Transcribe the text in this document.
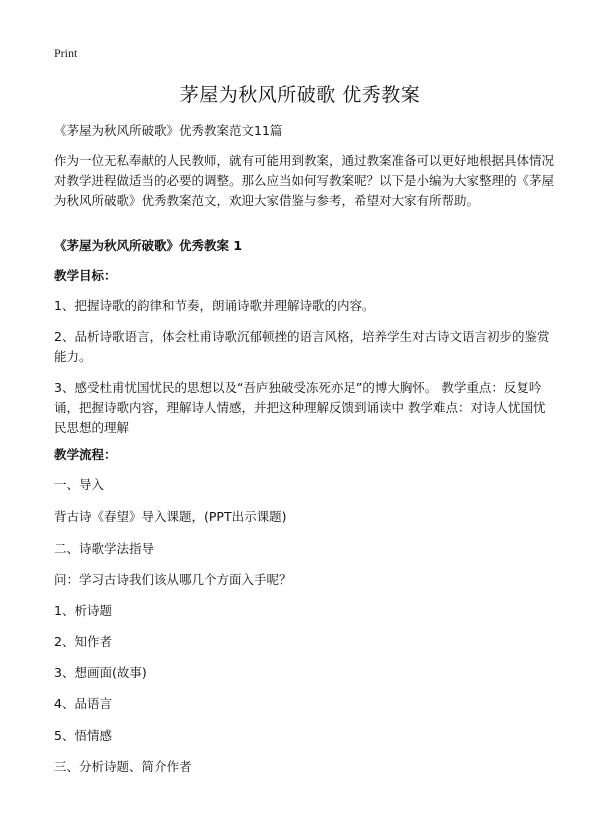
Print
茅屋为秋风所破歌 优秀教案
《茅屋为秋风所破歌》优秀教案范文11篇
作为一位无私奉献的人民教师，就有可能用到教案，通过教案准备可以更好地根据具体情况对教学进程做适当的必要的调整。那么应当如何写教案呢？以下是小编为大家整理的《茅屋为秋风所破歌》优秀教案范文，欢迎大家借鉴与参考，希望对大家有所帮助。
《茅屋为秋风所破歌》优秀教案 1
教学目标：
1、把握诗歌的韵律和节奏，朗诵诗歌并理解诗歌的内容。
2、品析诗歌语言，体会杜甫诗歌沉郁顿挫的语言风格，培养学生对古诗文语言初步的鉴赏能力。
3、感受杜甫忧国忧民的思想以及“吾庐独破受冻死亦足”的博大胸怀。 教学重点：反复吟诵，把握诗歌内容，理解诗人情感，并把这种理解反馈到诵读中 教学难点：对诗人忧国忧民思想的理解
教学流程：
一、导入
背古诗《春望》导入课题，(PPT出示课题)
二、诗歌学法指导
问：学习古诗我们该从哪几个方面入手呢？
1、析诗题
2、知作者
3、想画面(故事)
4、品语言
5、悟情感
三、分析诗题、简介作者
